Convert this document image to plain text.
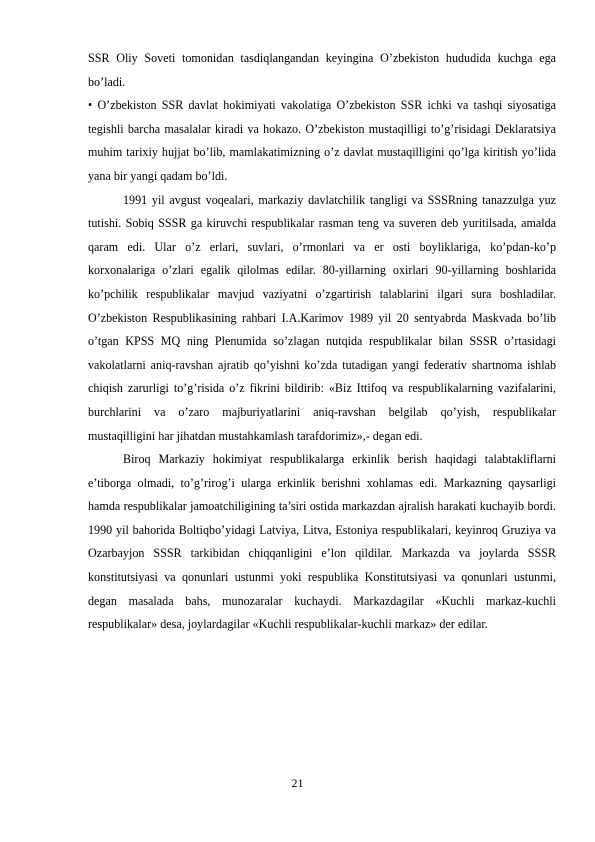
SSR Oliy Soveti tomonidan tasdiqlangandan keyingina O’zbekiston hududida kuchga ega bo’ladi.

• O’zbekiston SSR davlat hokimiyati vakolatiga O’zbekiston SSR ichki va tashqi siyosatiga tegishli barcha masalalar kiradi va hokazo. O’zbekiston mustaqilligi to’g’risidagi Deklaratsiya muhim tarixiy hujjat bo’lib, mamlakatimizning o’z davlat mustaqilligini qo’lga kiritish yo’lida yana bir yangi qadam bo’ldi.

1991 yil avgust voqealari, markaziy davlatchilik tangligi va SSSRning tanazzulga yuz tutishi. Sobiq SSSR ga kiruvchi respublikalar rasman teng va suveren deb yuritilsada, amalda qaram edi. Ular o’z erlari, suvlari, o’rmonlari va er osti boyliklariga, ko’pdan-ko’p korxonalariga o’zlari egalik qilolmas edilar. 80-yillarning oxirlari 90-yillarning boshlarida ko’pchilik respublikalar mavjud vaziyatni o’zgartirish talablarini ilgari sura boshladilar. O’zbekiston Respublikasining rahbari I.A.Karimov 1989 yil 20 sentyabrda Maskvada bo’lib o’tgan KPSS MQ ning Plenumida so’zlagan nutqida respublikalar bilan SSSR o’rtasidagi vakolatlarni aniq-ravshan ajratib qo’yishni ko’zda tutadigan yangi federativ shartnoma ishlab chiqish zarurligi to’g’risida o’z fikrini bildirib: «Biz Ittifoq va respublikalarning vazifalarini, burchlarini va o’zaro majburiyatlarini aniq-ravshan belgilab qo’yish, respublikalar mustaqilligini har jihatdan mustahkamlash tarafdorimiz»,- degan edi.

Biroq Markaziy hokimiyat respublikalarga erkinlik berish haqidagi talabtakliflarni e’tiborga olmadi, to’g’rirog’i ularga erkinlik berishni xohlamas edi. Markazning qaysarligi hamda respublikalar jamoatchiligining ta’siri ostida markazdan ajralish harakati kuchayib bordi. 1990 yil bahorida Boltiqbo’yidagi Latviya, Litva, Estoniya respublikalari, keyinroq Gruziya va Ozarbayjon SSSR tarkibidan chiqqanligini e’lon qildilar. Markazda va joylarda SSSR konstitutsiyasi va qonunlari ustunmi yoki respublika Konstitutsiyasi va qonunlari ustunmi, degan masalada bahs, munozaralar kuchaydi. Markazdagilar «Kuchli markaz-kuchli respublikalar» desa, joylardagilar «Kuchli respublikalar-kuchli markaz» der edilar.

21
